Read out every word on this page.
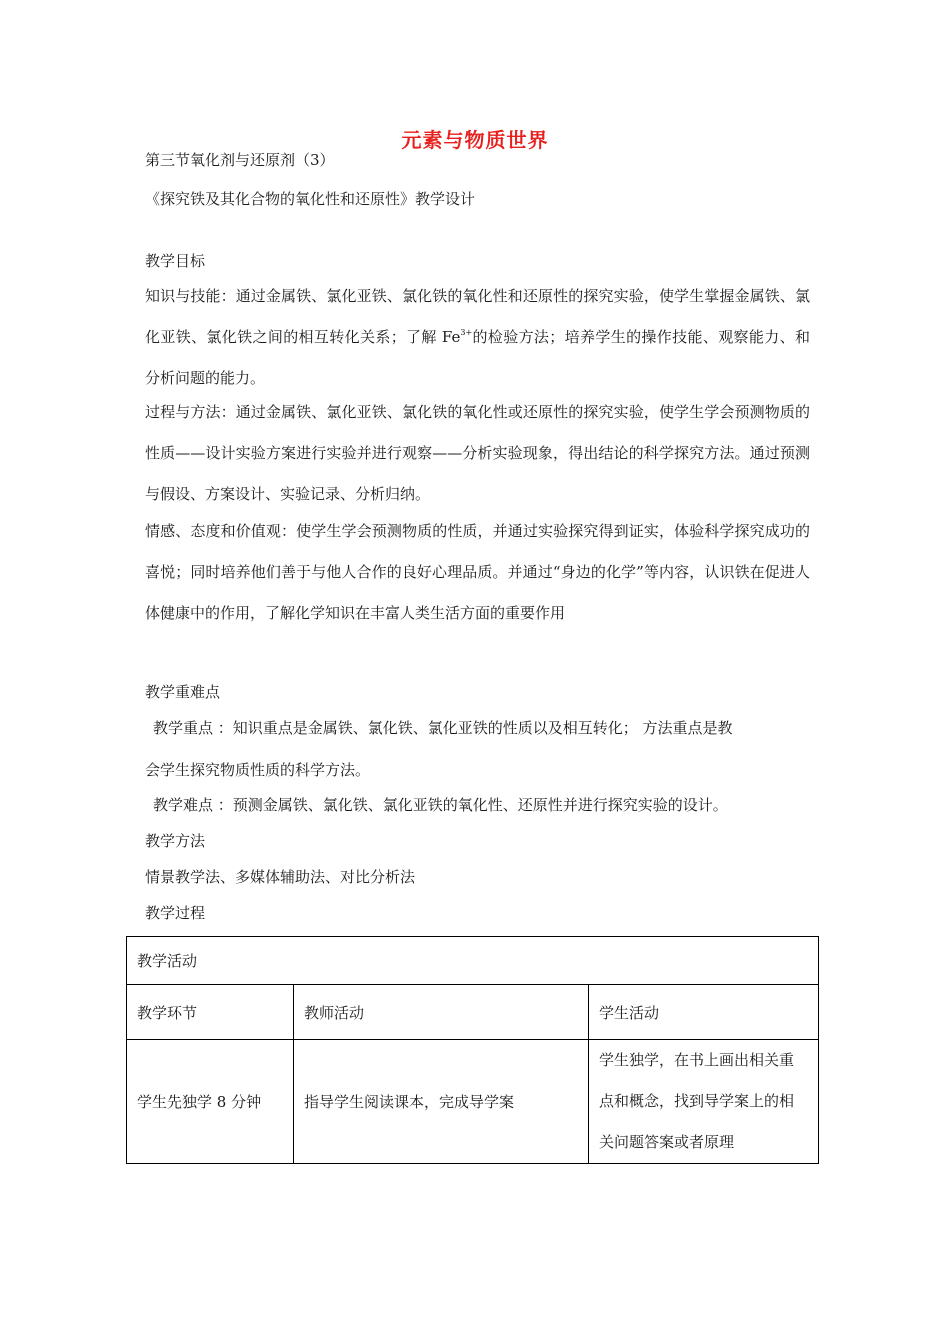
元素与物质世界
第三节氧化剂与还原剂（3）
《探究铁及其化合物的氧化性和还原性》教学设计
教学目标
知识与技能：通过金属铁、氯化亚铁、氯化铁的氧化性和还原性的探究实验，使学生掌握金属铁、氯化亚铁、氯化铁之间的相互转化关系；了解 $Fe^{3+}$的检验方法；培养学生的操作技能、观察能力、和分析问题的能力。
过程与方法：通过金属铁、氯化亚铁、氯化铁的氧化性或还原性的探究实验，使学生学会预测物质的性质——设计实验方案进行实验并进行观察——分析实验现象，得出结论的科学探究方法。通过预测与假设、方案设计、实验记录、分析归纳。
情感、态度和价值观：使学生学会预测物质的性质，并通过实验探究得到证实，体验科学探究成功的喜悦；同时培养他们善于与他人合作的良好心理品质。并通过“身边的化学”等内容，认识铁在促进人体健康中的作用，了解化学知识在丰富人类生活方面的重要作用
教学重难点
教学重点 ：知识重点是金属铁、氯化铁、氯化亚铁的性质以及相互转化； 方法重点是教
会学生探究物质性质的科学方法。
教学难点 ：预测金属铁、氯化铁、氯化亚铁的氧化性、还原性并进行探究实验的设计。
教学方法
情景教学法、多媒体辅助法、对比分析法
教学过程
教学活动		
教学环节	教师活动	学生活动
学生先独学 8 分钟	指导学生阅读课本，完成导学案	学生独学，在书上画出相关重点和概念，找到导学案上的相关问题答案或者原理
